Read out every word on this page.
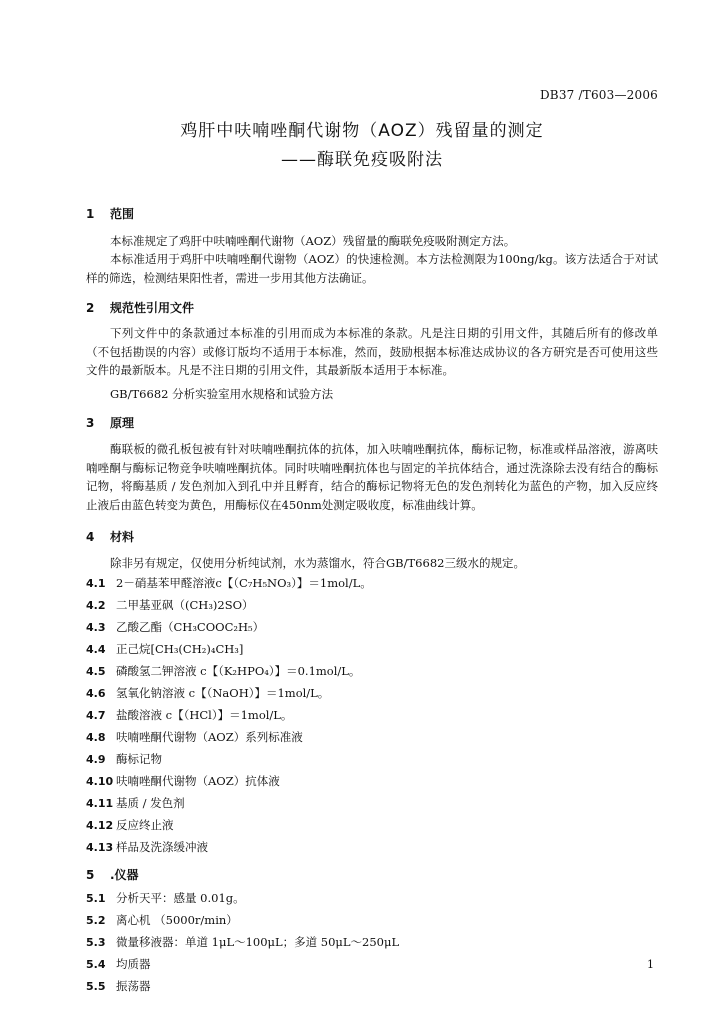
DB37 /T603—2006
鸡肝中呋喃唑酮代谢物（AOZ）残留量的测定
——酶联免疫吸附法
1 范围
本标准规定了鸡肝中呋喃唑酮代谢物（AOZ）残留量的酶联免疫吸附测定方法。
本标准适用于鸡肝中呋喃唑酮代谢物（AOZ）的快速检测。本方法检测限为100ng/kg。该方法适合于对试样的筛选，检测结果阳性者，需进一步用其他方法确证。
2 规范性引用文件
下列文件中的条款通过本标准的引用而成为本标准的条款。凡是注日期的引用文件，其随后所有的修改单（不包括勘误的内容）或修订版均不适用于本标准，然而，鼓励根据本标准达成协议的各方研究是否可使用这些文件的最新版本。凡是不注日期的引用文件，其最新版本适用于本标准。
GB/T6682 分析实验室用水规格和试验方法
3 原理
酶联板的微孔板包被有针对呋喃唑酮抗体的抗体，加入呋喃唑酮抗体，酶标记物，标准或样品溶液，游离呋喃唑酮与酶标记物竞争呋喃唑酮抗体。同时呋喃唑酮抗体也与固定的羊抗体结合，通过洗涤除去没有结合的酶标记物，将酶基质 / 发色剂加入到孔中并且孵育，结合的酶标记物将无色的发色剂转化为蓝色的产物，加入反应终止液后由蓝色转变为黄色，用酶标仪在450nm处测定吸收度，标准曲线计算。
4 材料
除非另有规定，仅使用分析纯试剂，水为蒸馏水，符合GB/T6682三级水的规定。
4.1 2－硝基苯甲醛溶液c【（C₇H₅NO₃）】＝1mol/L。
4.2 二甲基亚砜（(CH₃)2SO）
4.3 乙酸乙酯（CH₃COOC₂H₅）
4.4 正己烷[CH₃(CH₂)₄CH₃]
4.5 磷酸氢二钾溶液 c【（K₂HPO₄）】＝0.1mol/L。
4.6 氢氧化钠溶液 c【（NaOH）】＝1mol/L。
4.7 盐酸溶液 c【（HCl）】＝1mol/L。
4.8 呋喃唑酮代谢物（AOZ）系列标准液
4.9 酶标记物
4.10 呋喃唑酮代谢物（AOZ）抗体液
4.11 基质 / 发色剂
4.12 反应终止液
4.13 样品及洗涤缓冲液
5 .仪器
5.1 分析天平：感量 0.01g。
5.2 离心机 （5000r/min）
5.3 微量移液器：单道 1μL～100μL；多道 50μL～250μL
5.4 均质器
5.5 振荡器
1
